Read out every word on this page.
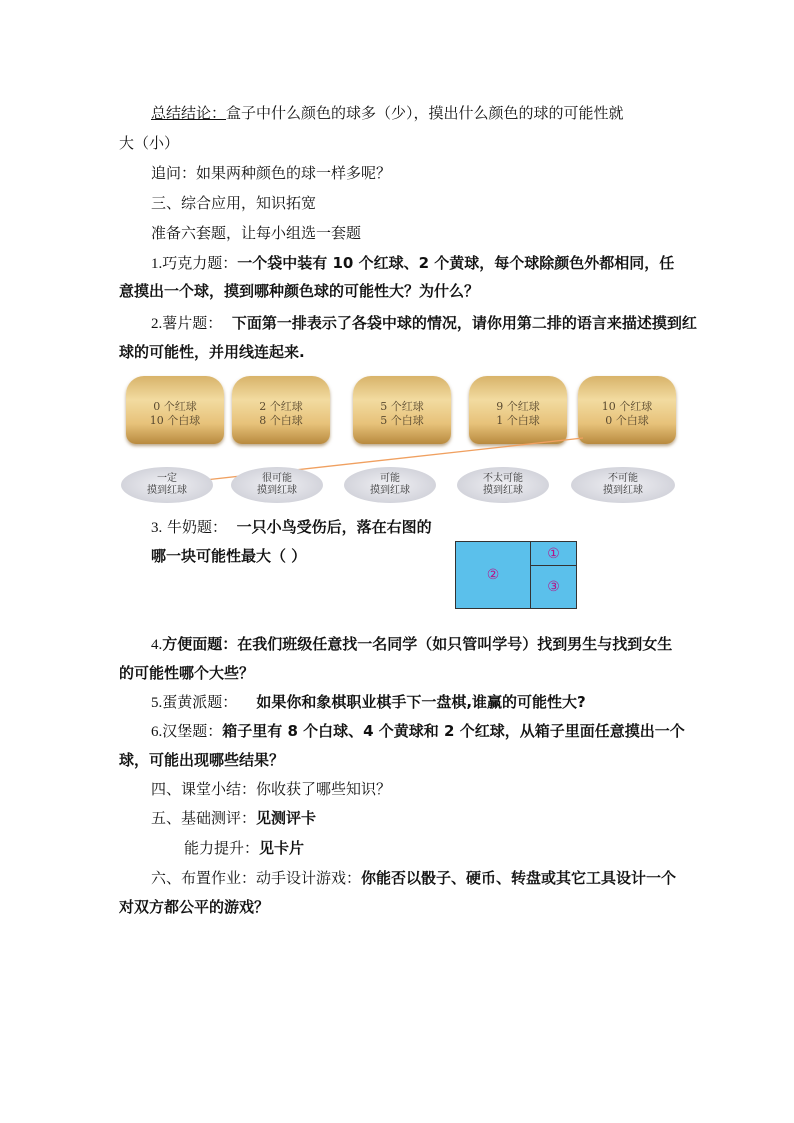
总结结论：盒子中什么颜色的球多（少），摸出什么颜色的球的可能性就
大（小）
追问：如果两种颜色的球一样多呢？
三、综合应用，知识拓宽
准备六套题，让每小组选一套题
1.巧克力题：一个袋中装有 10 个红球、2 个黄球，每个球除颜色外都相同，任
意摸出一个球，摸到哪种颜色球的可能性大？为什么？
2.薯片题： 下面第一排表示了各袋中球的情况，请你用第二排的语言来描述摸到红
球的可能性，并用线连起来.
0 个红球
10 个白球
2 个红球
8 个白球
5 个红球
5 个白球
9 个红球
1 个白球
10 个红球
0 个白球
一定
摸到红球
很可能
摸到红球
可能
摸到红球
不太可能
摸到红球
不可能
摸到红球
3. 牛奶题： 一只小鸟受伤后，落在右图的
哪一块可能性最大（ ）
②
①
③
4.方便面题：在我们班级任意找一名同学（如只管叫学号）找到男生与找到女生
的可能性哪个大些？
5.蛋黄派题： 如果你和象棋职业棋手下一盘棋,谁赢的可能性大?
6.汉堡题：箱子里有 8 个白球、4 个黄球和 2 个红球，从箱子里面任意摸出一个
球，可能出现哪些结果？
四、课堂小结：你收获了哪些知识？
五、基础测评：见测评卡
能力提升：见卡片
六、布置作业：动手设计游戏：你能否以骰子、硬币、转盘或其它工具设计一个
对双方都公平的游戏？
